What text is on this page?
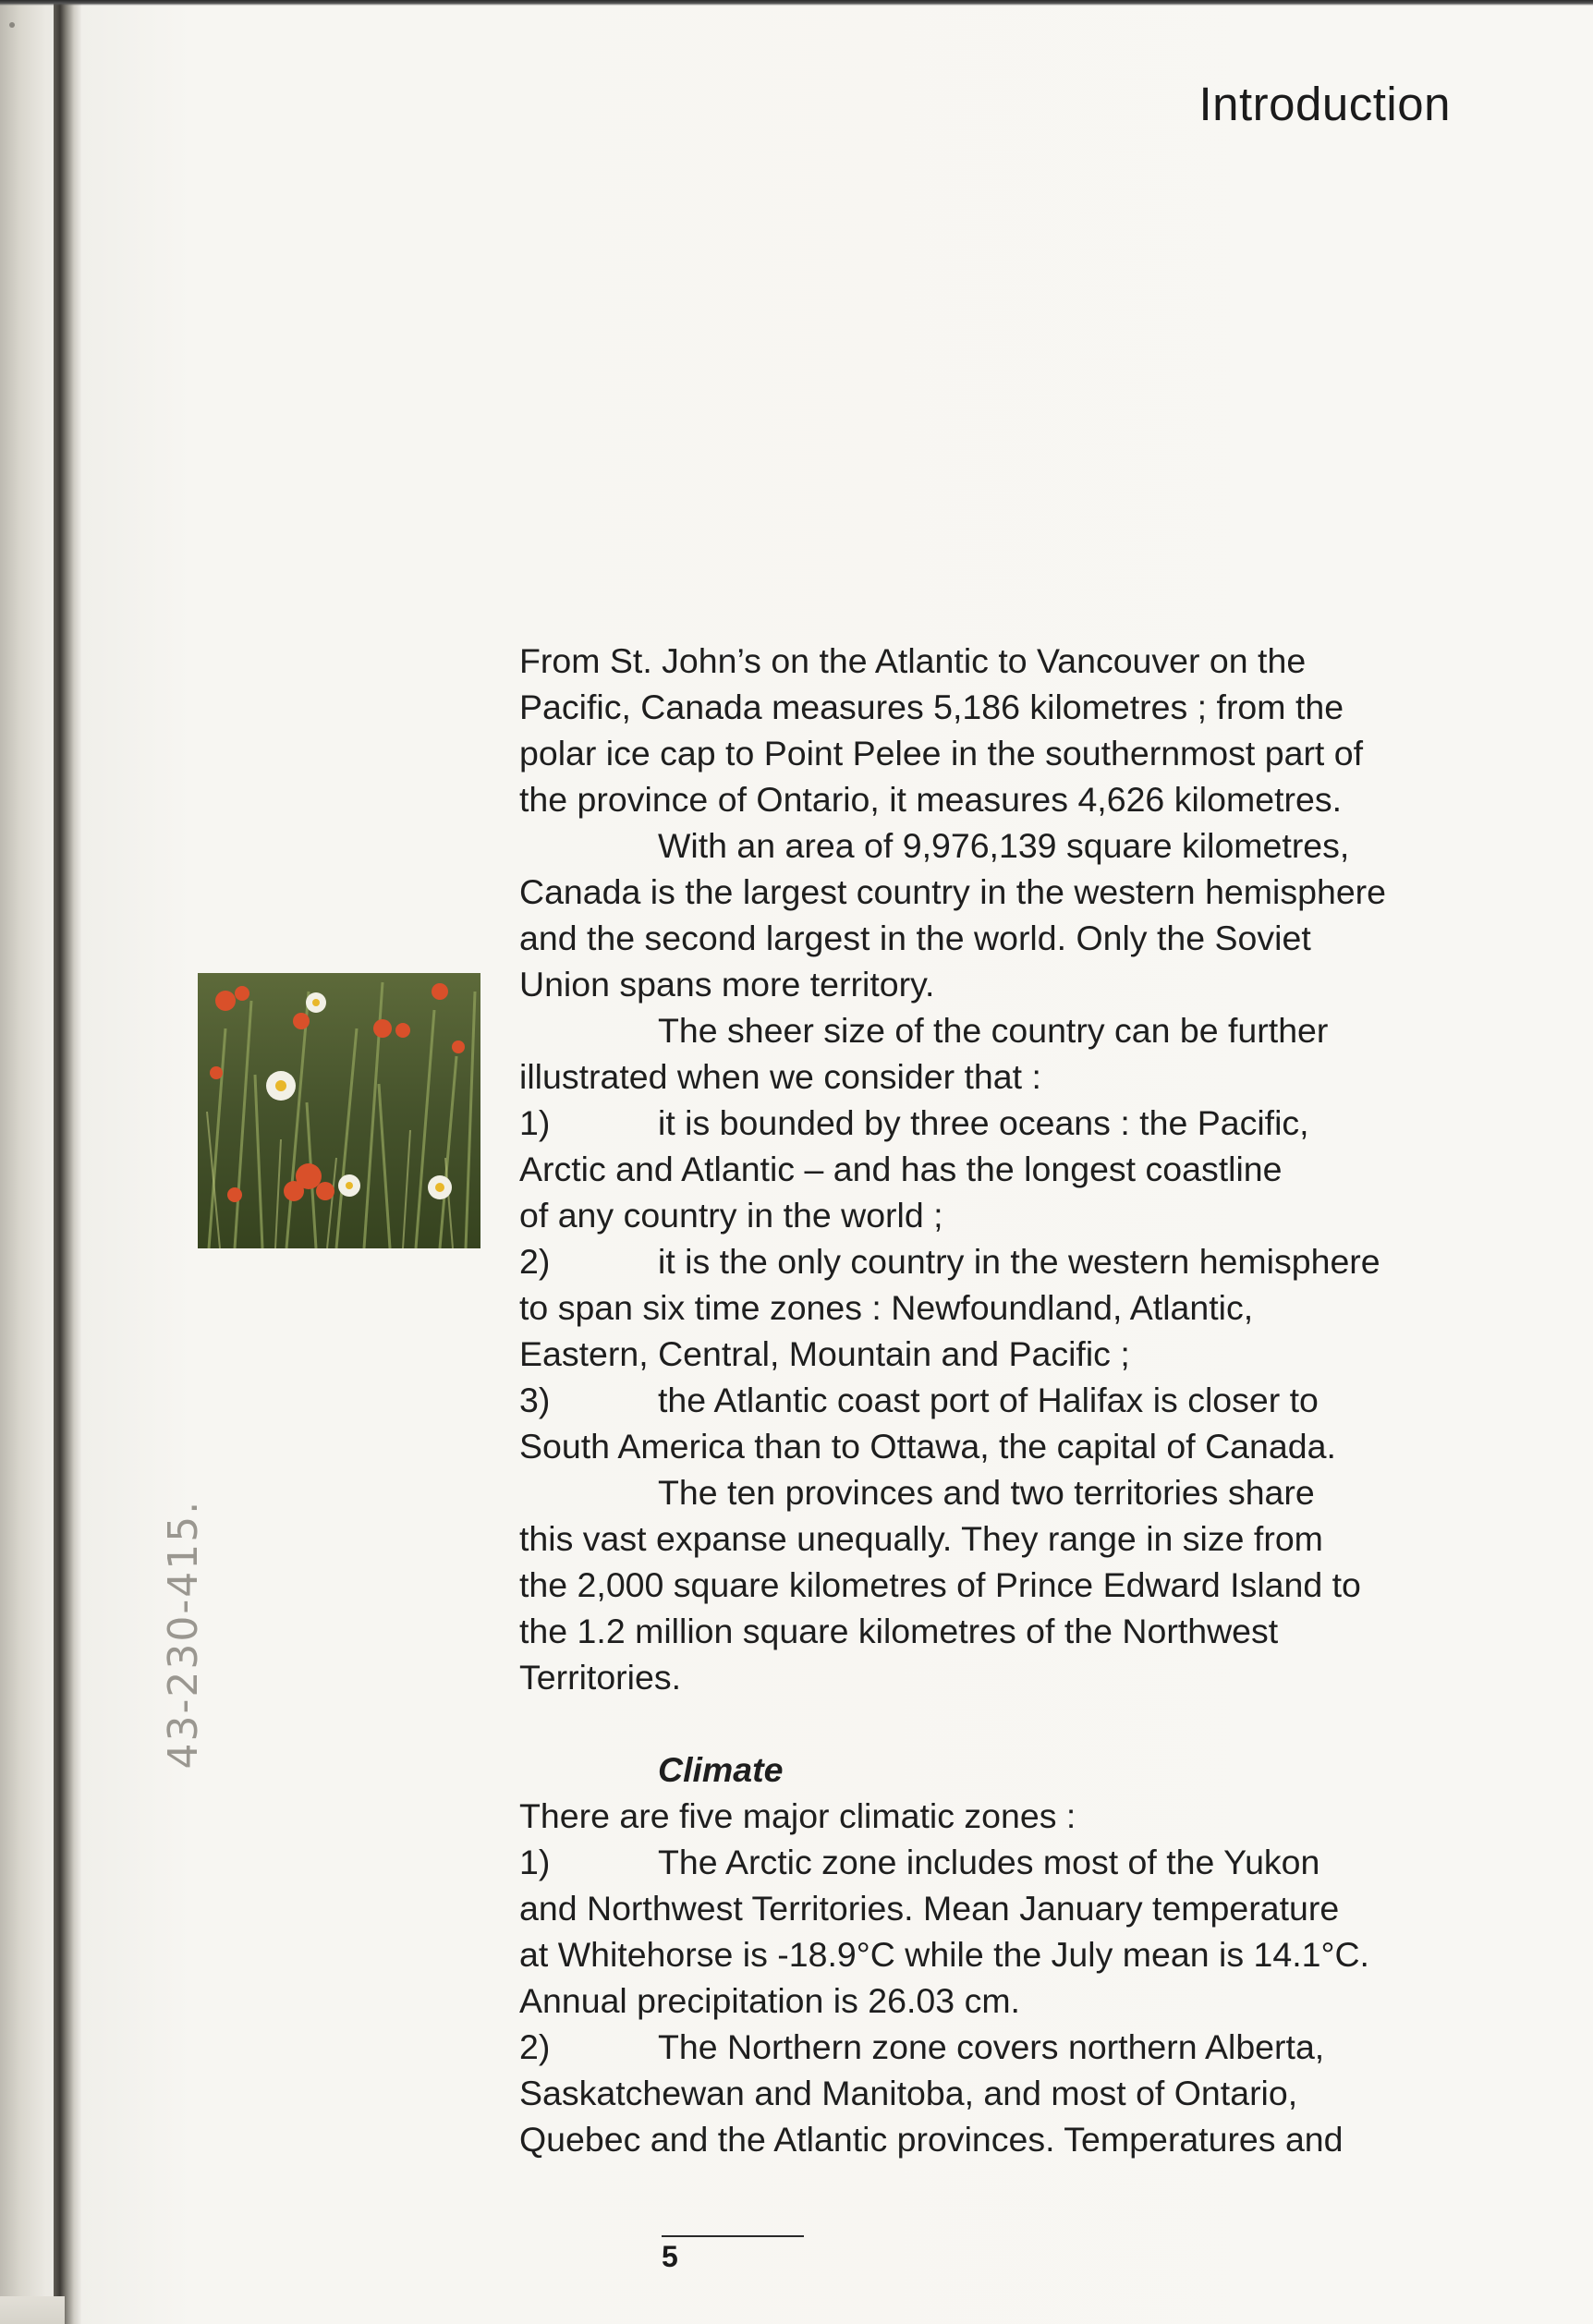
Introduction
43-230-415.

From St. John’s on the Atlantic to Vancouver on the

Pacific, Canada measures 5,186 kilometres ; from the

polar ice cap to Point Pelee in the southernmost part of

the province of Ontario, it measures 4,626 kilometres.

With an area of 9,976,139 square kilometres,

Canada is the largest country in the western hemisphere

and the second largest in the world. Only the Soviet

Union spans more territory.

The sheer size of the country can be further

illustrated when we consider that :

1)	it is bounded by three oceans : the Pacific,

Arctic and Atlantic – and has the longest coastline

of any country in the world ;

2)	it is the only country in the western hemisphere

to span six time zones : Newfoundland, Atlantic,

Eastern, Central, Mountain and Pacific ;

3)	the Atlantic coast port of Halifax is closer to

South America than to Ottawa, the capital of Canada.

The ten provinces and two territories share

this vast expanse unequally. They range in size from

the 2,000 square kilometres of Prince Edward Island to

the 1.2 million square kilometres of the Northwest

Territories.

Climate

There are five major climatic zones :

1)	The Arctic zone includes most of the Yukon

and Northwest Territories. Mean January temperature

at Whitehorse is -18.9°C while the July mean is 14.1°C.

Annual precipitation is 26.03 cm.

2)	The Northern zone covers northern Alberta,

Saskatchewan and Manitoba, and most of Ontario,

Quebec and the Atlantic provinces. Temperatures and

5
